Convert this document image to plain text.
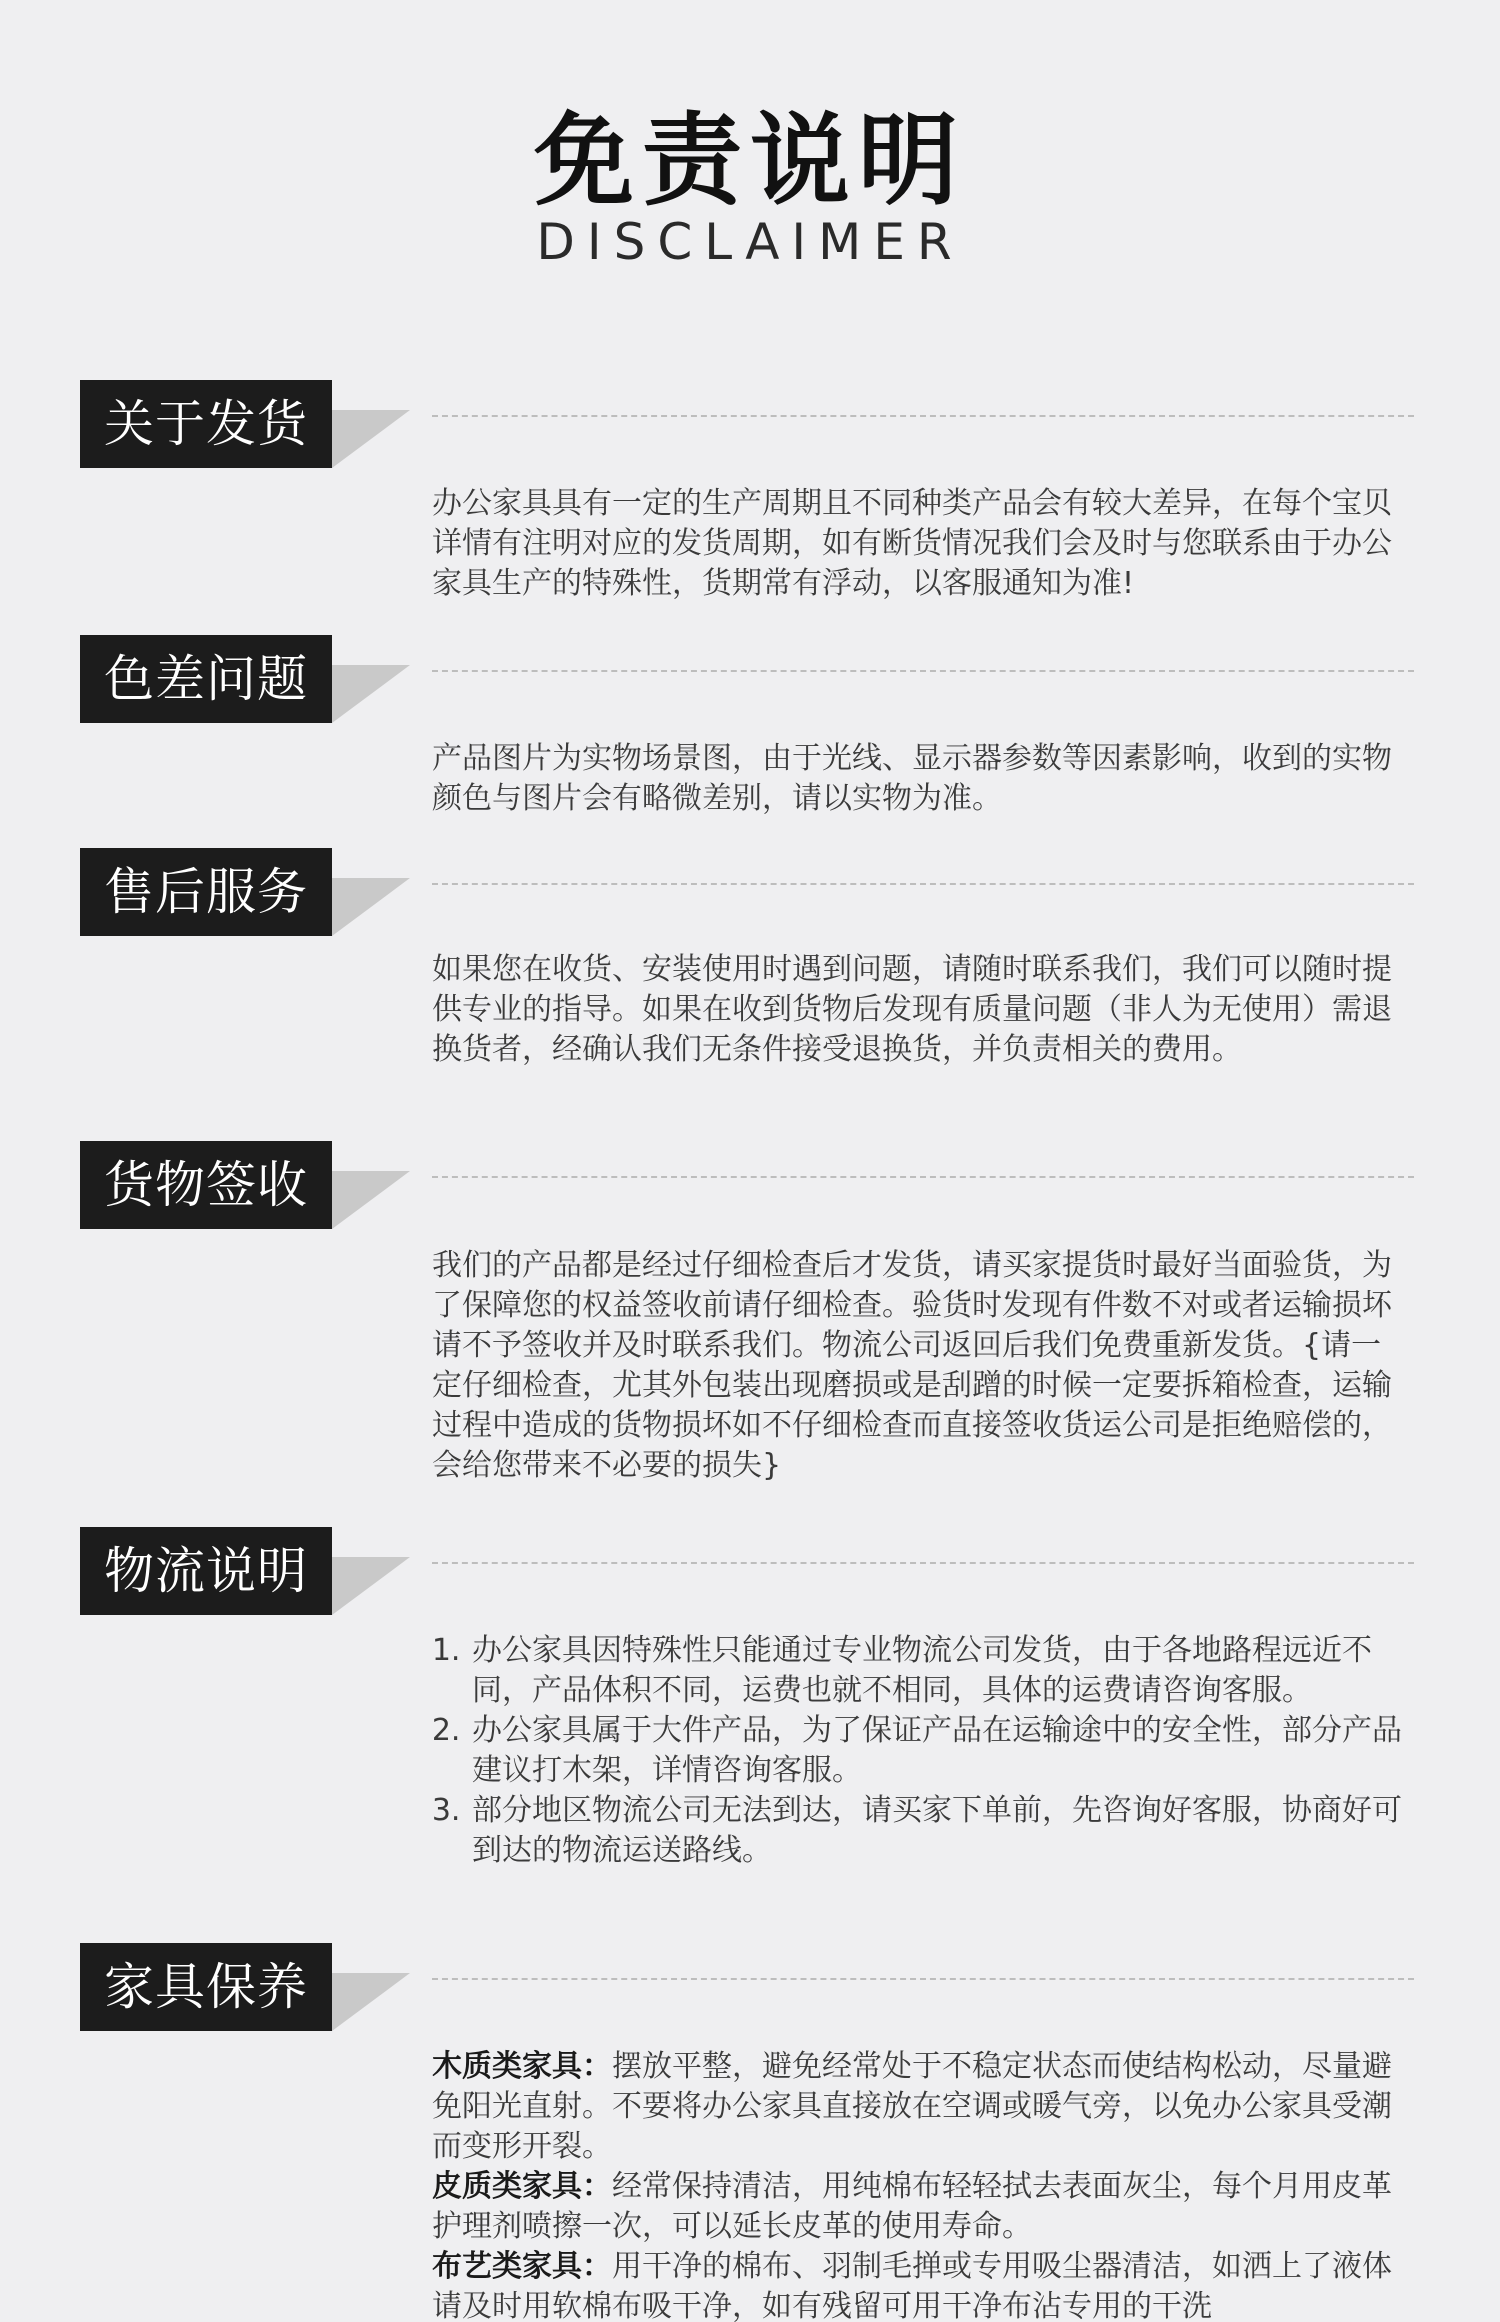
免责说明
DISCLAIMER
关于发货

办公家具具有一定的生产周期且不同种类产品会有较大差异，在每个宝贝详情有注明对应的发货周期，如有断货情况我们会及时与您联系由于办公家具生产的特殊性，货期常有浮动，以客服通知为准!

色差问题

产品图片为实物场景图，由于光线、显示器参数等因素影响，收到的实物颜色与图片会有略微差别，请以实物为准。

售后服务

如果您在收货、安装使用时遇到问题，请随时联系我们，我们可以随时提供专业的指导。如果在收到货物后发现有质量问题（非人为无使用）需退换货者，经确认我们无条件接受退换货，并负责相关的费用。

货物签收

我们的产品都是经过仔细检查后才发货，请买家提货时最好当面验货，为了保障您的权益签收前请仔细检查。验货时发现有件数不对或者运输损坏请不予签收并及时联系我们。物流公司返回后我们免费重新发货。{请一定仔细检查，尤其外包装出现磨损或是刮蹭的时候一定要拆箱检查，运输过程中造成的货物损坏如不仔细检查而直接签收货运公司是拒绝赔偿的，会给您带来不必要的损失}

物流说明
1. 办公家具因特殊性只能通过专业物流公司发货，由于各地路程远近不同，产品体积不同，运费也就不相同，具体的运费请咨询客服。
2. 办公家具属于大件产品，为了保证产品在运输途中的安全性，部分产品建议打木架，详情咨询客服。
3. 部分地区物流公司无法到达，请买家下单前，先咨询好客服，协商好可到达的物流运送路线。
家具保养

木质类家具：摆放平整，避免经常处于不稳定状态而使结构松动，尽量避免阳光直射。不要将办公家具直接放在空调或暖气旁，以免办公家具受潮而变形开裂。

皮质类家具：经常保持清洁，用纯棉布轻轻拭去表面灰尘，每个月用皮革护理剂喷擦一次，可以延长皮革的使用寿命。

布艺类家具：用干净的棉布、羽制毛掸或专用吸尘器清洁，如洒上了液体请及时用软棉布吸干净，如有残留可用干净布沾专用的干洗
